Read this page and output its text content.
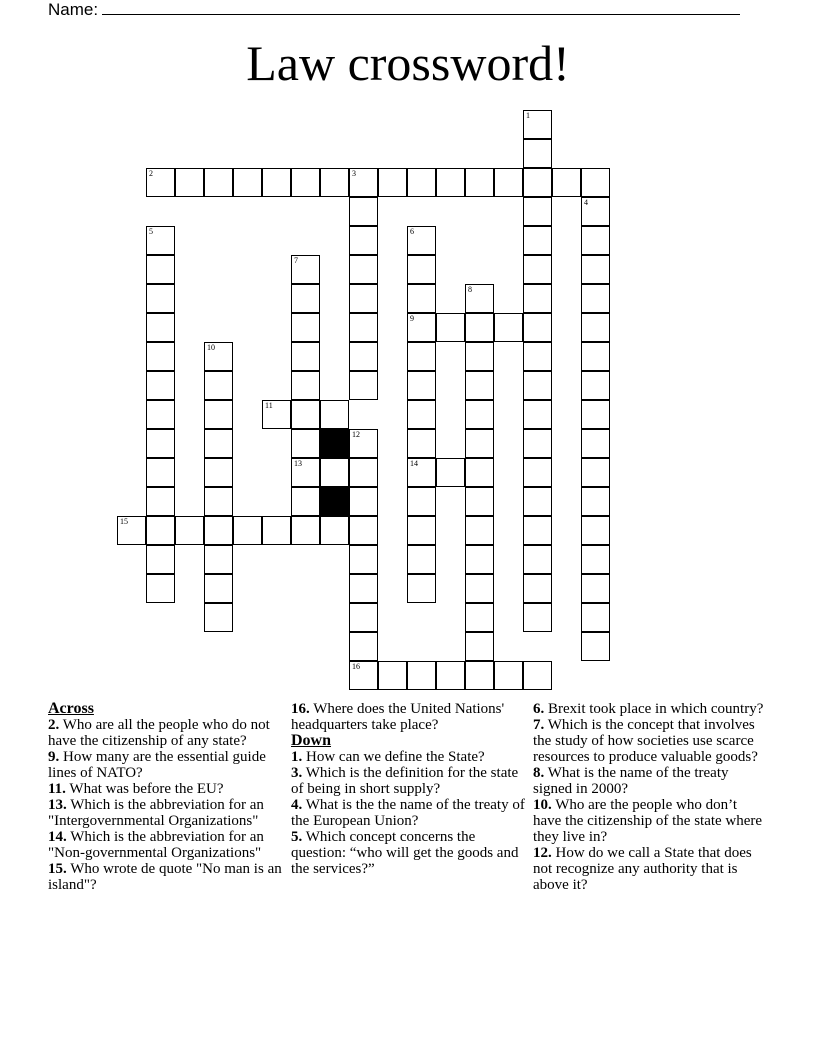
Name:
Law crossword!
1
2	3
4
5	6
9
14
7
8
10
11
12
16
13
15
Across
2. Who are all the people who do not have the citizenship of any state?
9. How many are the essential guide lines of NATO?
11. What was before the EU?
13. Which is the abbreviation for an "Intergovernmental Organizations"
14. Which is the abbreviation for an "Non-governmental Organizations"
15. Who wrote de quote "No man is an island"?
16. Where does the United Nations' headquarters take place?
Down
1. How can we define the State?
3. Which is the definition for the state of being in short supply?
4. What is the the name of the treaty of the European Union?
5. Which concept concerns the question: “who will get the goods and the services?”
6. Brexit took place in which country?
7. Which is the concept that involves the study of how societies use scarce resources to produce valuable goods?
8. What is the name of the treaty signed in 2000?
10. Who are the people who don’t have the citizenship of the state where they live in?
12. How do we call a State that does not recognize any authority that is above it?
